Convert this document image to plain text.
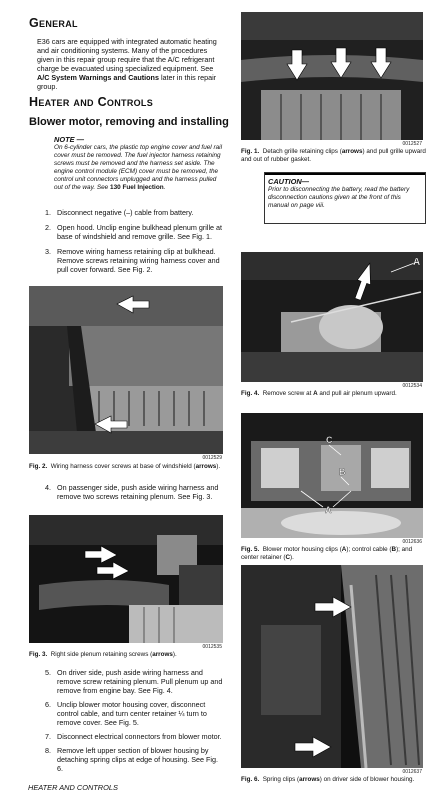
General

E36 cars are equipped with integrated automatic heating and air conditioning systems. Many of the procedures given in this repair group require that the A/C refrigerant charge be evacuated using specialized equipment. See A/C System Warnings and Cautions later in this repair group.

Heater and Controls
Blower motor, removing and installing
NOTE —
On 6-cylinder cars, the plastic top engine cover and fuel rail cover must be removed. The fuel injector harness retaining screws must be removed and the harness set aside. The engine control module (ECM) cover must be removed, the control unit connectors unplugged and the harness pulled out of the way. See 130 Fuel Injection.
1. Disconnect negative (–) cable from battery.
2. Open hood. Unclip engine bulkhead plenum grille at base of windshield and remove grille. See Fig. 1.
3. Remove wiring harness retaining clip at bulkhead. Remove screws retaining wiring harness cover and pull cover forward. See Fig. 2.
0012529
Fig. 2. Wiring harness cover screws at base of windshield (arrows).
4. On passenger side, push aside wiring harness and remove two screws retaining plenum. See Fig. 3.
0012535
Fig. 3. Right side plenum retaining screws (arrows).
5. On driver side, push aside wiring harness and remove screw retaining plenum. Pull plenum up and remove from engine bay. See Fig. 4.
6. Unclip blower motor housing cover, disconnect control cable, and turn center retainer ¼ turn to remove cover. See Fig. 5.
7. Disconnect electrical connectors from blower motor.
8. Remove left upper section of blower housing by detaching spring clips at edge of housing. See Fig. 6.
HEATER AND CONTROLS
0012527
Fig. 1. Detach grille retaining clips (arrows) and pull grille upward and out of rubber gasket.
CAUTION—
Prior to disconnecting the battery, read the battery disconnection cautions given at the front of this manual on page viii.
A
0012534
Fig. 4. Remove screw at A and pull air plenum upward.
C
B
A
0012636
Fig. 5. Blower motor housing clips (A); control cable (B); and center retainer (C).
0012637
Fig. 6. Spring clips (arrows) on driver side of blower housing.
